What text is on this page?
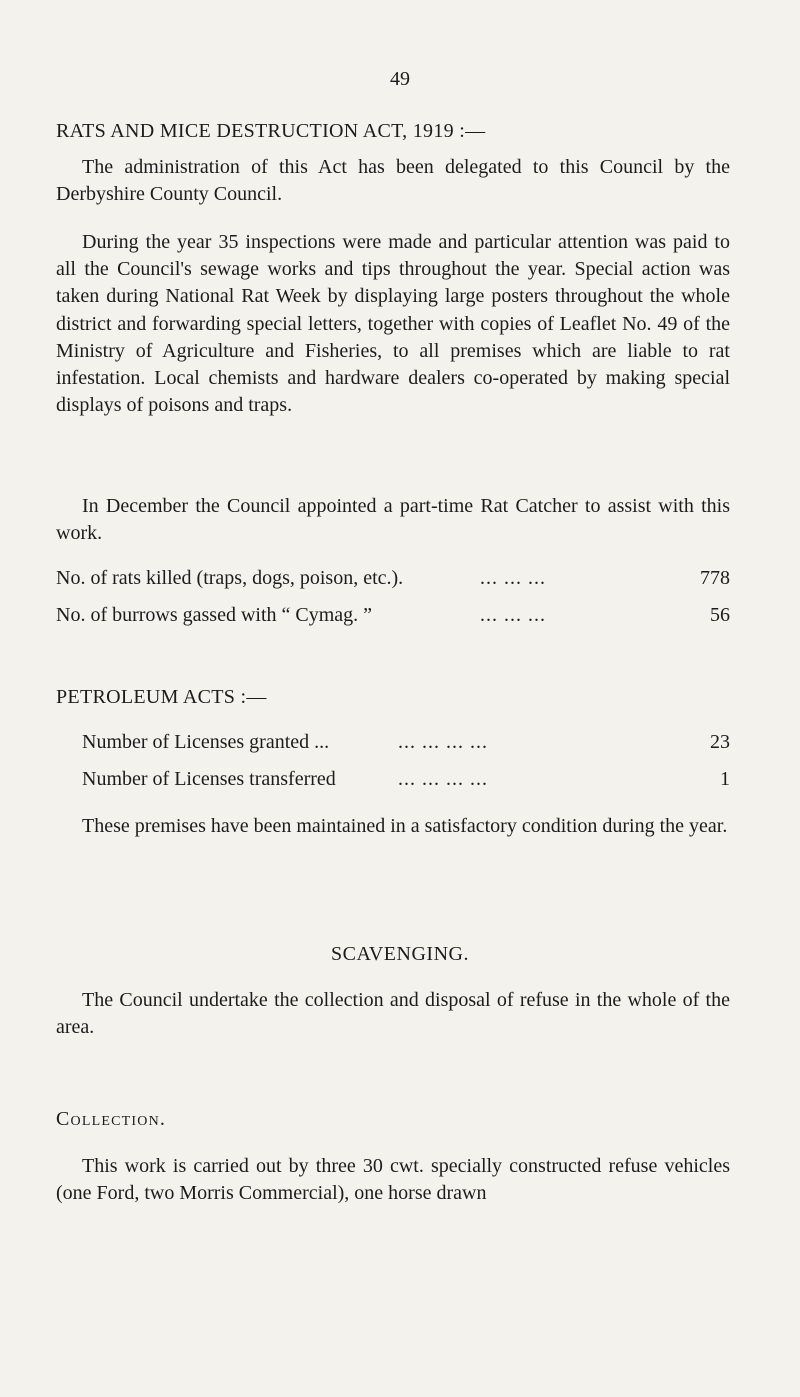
49
RATS AND MICE DESTRUCTION ACT, 1919 :—
The administration of this Act has been delegated to this Council by the Derbyshire County Council.
During the year 35 inspections were made and particular attention was paid to all the Council's sewage works and tips throughout the year. Special action was taken during National Rat Week by displaying large posters throughout the whole district and forwarding special letters, together with copies of Leaflet No. 49 of the Ministry of Agriculture and Fisheries, to all premises which are liable to rat infestation. Local chemists and hardware dealers co-operated by making special displays of poisons and traps.
In December the Council appointed a part-time Rat Catcher to assist with this work.
No. of rats killed (traps, dogs, poison, etc.).	... ... ...	778
No. of burrows gassed with “ Cymag. ”	... ... ...	56
PETROLEUM ACTS :—
Number of Licenses granted ...	... ... ... ...	23
Number of Licenses transferred	... ... ... ...	1
These premises have been maintained in a satisfactory condition during the year.
SCAVENGING.
The Council undertake the collection and disposal of refuse in the whole of the area.
Collection.
This work is carried out by three 30 cwt. specially constructed refuse vehicles (one Ford, two Morris Commercial), one horse drawn
